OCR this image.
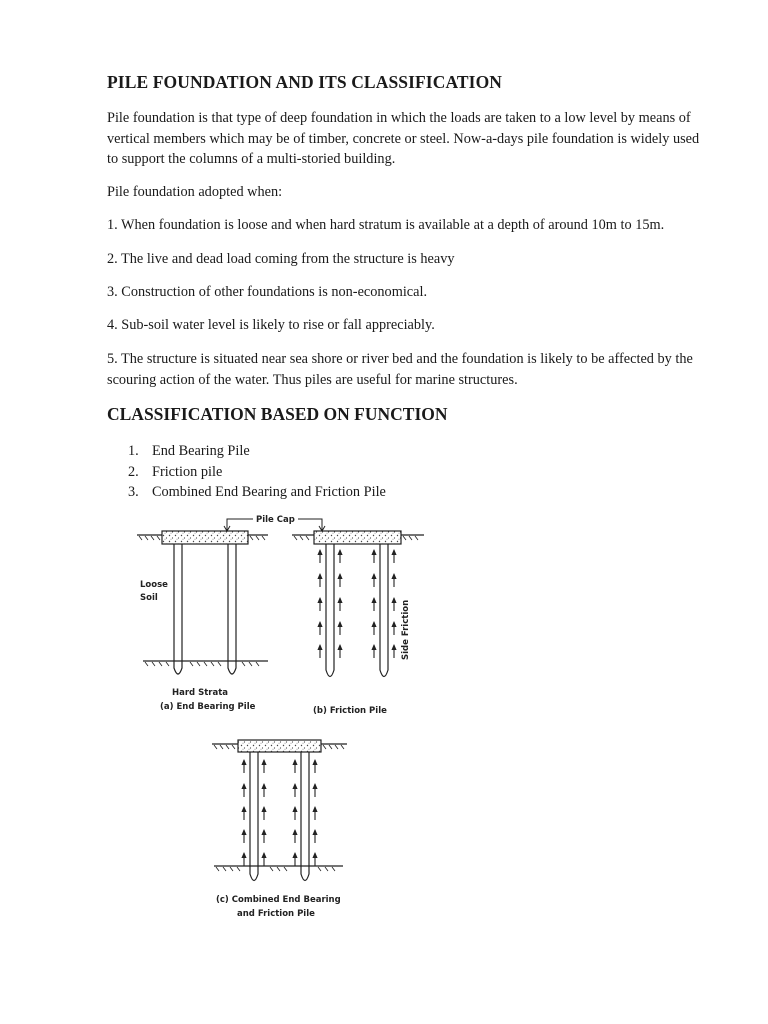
PILE FOUNDATION AND ITS CLASSIFICATION
Pile foundation is that type of deep foundation in which the loads are taken to a low level by means of vertical members which may be of timber, concrete or steel. Now-a-days pile foundation is widely used to support the columns of a multi-storied building.
Pile foundation adopted when:
1. When foundation is loose and when hard stratum is available at a depth of around 10m to 15m.
2. The live and dead load coming from the structure is heavy
3. Construction of other foundations is non-economical.
4. Sub-soil water level is likely to rise or fall appreciably.
5. The structure is situated near sea shore or river bed and the foundation is likely to be affected by the scouring action of the water. Thus piles are useful for marine structures.
CLASSIFICATION BASED ON FUNCTION
1. End Bearing Pile
2. Friction pile
3. Combined End Bearing and Friction Pile
Loose
Soil
Hard Strata
(a) End Bearing Pile
Pile Cap
Side Friction
(b) Friction Pile
(c) Combined End Bearing
and Friction Pile
